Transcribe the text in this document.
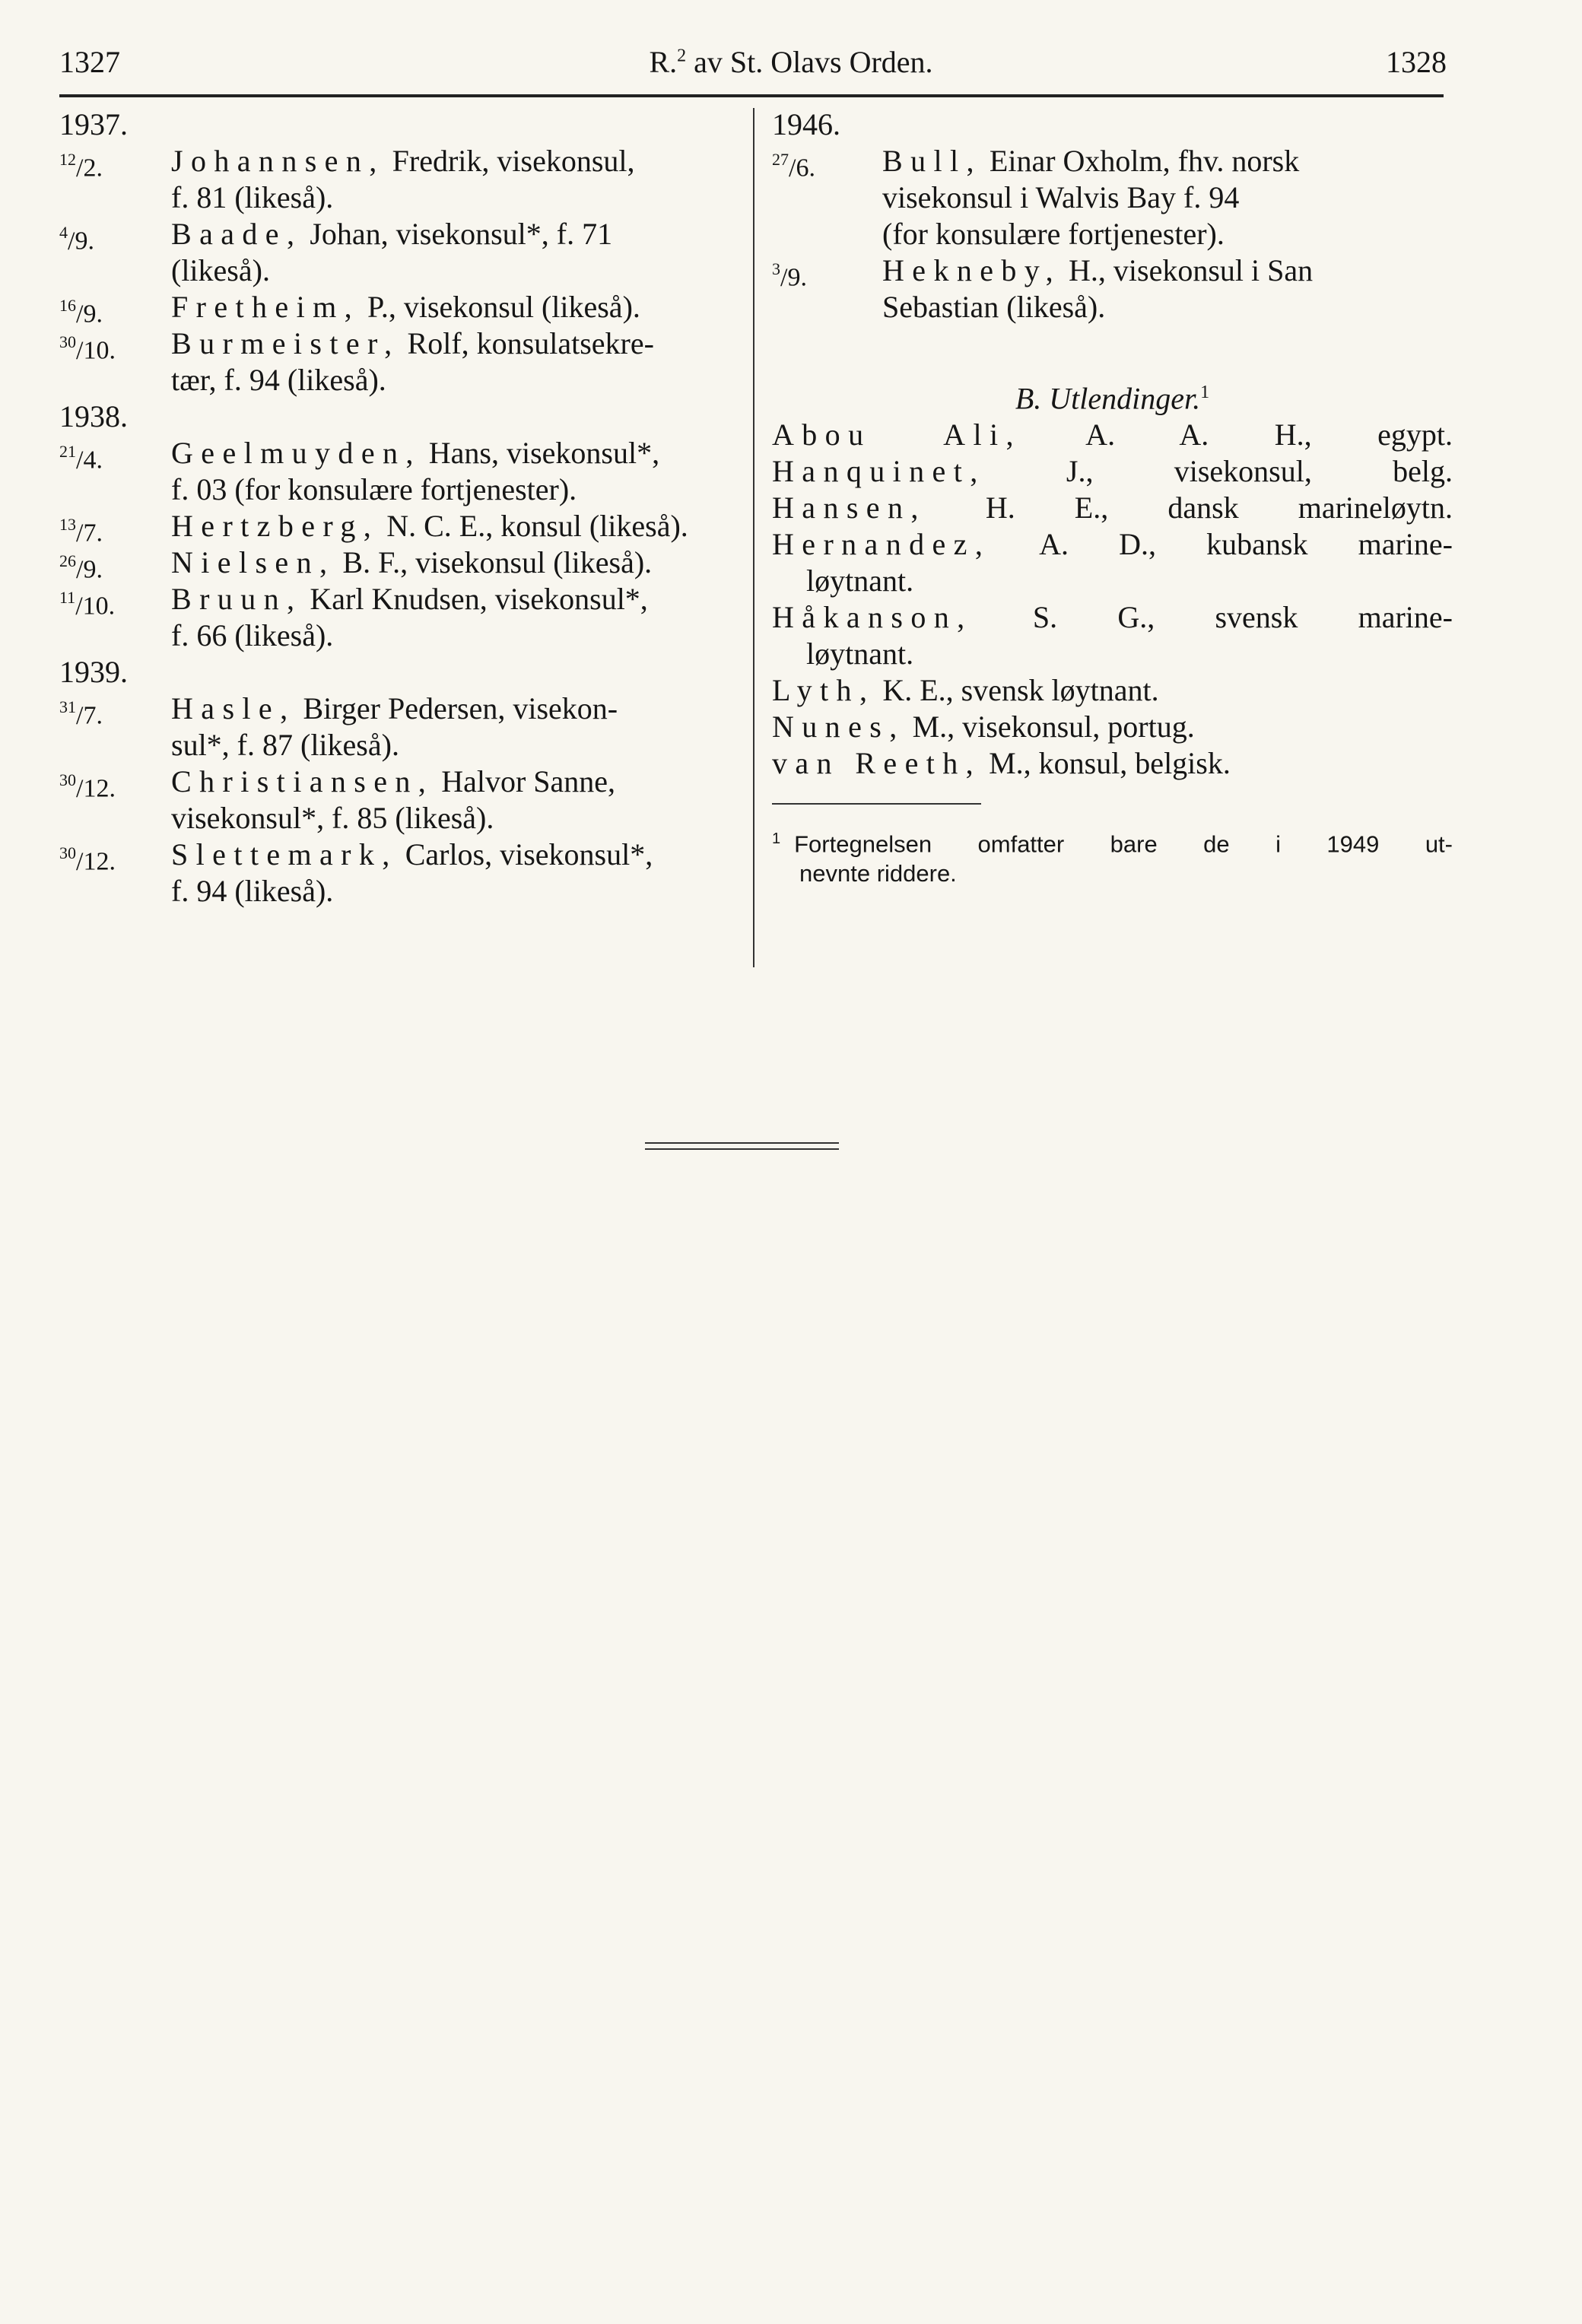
1327	R.$^2$ av St. Olavs Orden.	1328
1937.
$^{12}$/2. Johannsen, Fredrik, visekonsul,
f. 81 (likeså).
$^4$/9.	Baade, Johan, visekonsul*, f. 71
(likeså).
$^{16}$/9. Fretheim, P., visekonsul (likeså).
$^{30}$/10. Burmeister, Rolf, konsulatsekre-
tær, f. 94 (likeså).
1938.
$^{21}$/4. Geelmuyden, Hans, visekonsul*,
f. 03 (for konsulære fortjenester).
$^{13}$/7. Hertzberg, N. C. E., konsul (likeså).
$^{26}$/9. Nielsen, B. F., visekonsul (likeså).
$^{11}$/10. Bruun, Karl Knudsen, visekonsul*,
f. 66 (likeså).
1939.
$^{31}$/7. Hasle, Birger Pedersen, visekon-
sul*, f. 87 (likeså).
$^{30}$/12. Christiansen, Halvor Sanne,
visekonsul*, f. 85 (likeså).
$^{30}$/12. Slettemark, Carlos, visekonsul*,
f. 94 (likeså).
1946.
$^{27}$/6. Bull, Einar Oxholm, fhv. norsk
visekonsul i Walvis Bay f. 94
(for konsulære fortjenester).
$^3$/9. Hekneby, H., visekonsul i San
Sebastian (likeså).
B. Utlendinger.$^1$
Abou Ali, A. A. H., egypt.
Hanquinet, J., visekonsul, belg.
Hansen, H. E., dansk marineløytn.
Hernandez, A. D., kubansk marine-
løytnant.
Håkanson, S. G., svensk marine-
løytnant.
Lyth, K. E., svensk løytnant.
Nunes, M., visekonsul, portug.
van Reeth, M., konsul, belgisk.
$^1$ Fortegnelsen omfatter bare de i 1949 ut-
nevnte riddere.
